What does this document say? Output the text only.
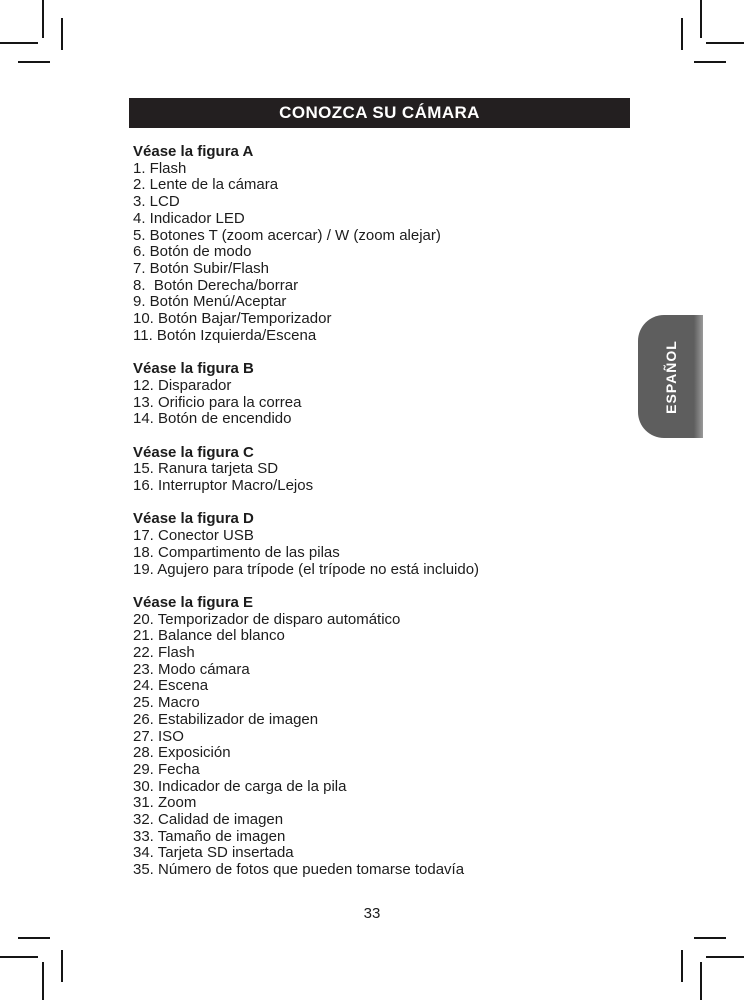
CONOZCA SU CÁMARA
Véase la figura A

1. Flash

2. Lente de la cámara

3. LCD

4. Indicador LED

5. Botones T (zoom acercar) / W (zoom alejar)

6. Botón de modo

7. Botón Subir/Flash

8.  Botón Derecha/borrar

9. Botón Menú/Aceptar

10. Botón Bajar/Temporizador

11. Botón Izquierda/Escena

Véase la figura B

12. Disparador

13. Orificio para la correa

14. Botón de encendido

Véase la figura C

15. Ranura tarjeta SD

16. Interruptor Macro/Lejos

Véase la figura D

17. Conector USB

18. Compartimento de las pilas

19. Agujero para trípode (el trípode no está incluido)

Véase la figura E

20. Temporizador de disparo automático

21. Balance del blanco

22. Flash

23. Modo cámara

24. Escena

25. Macro

26. Estabilizador de imagen

27. ISO

28. Exposición

29. Fecha

30. Indicador de carga de la pila

31. Zoom

32. Calidad de imagen

33. Tamaño de imagen

34. Tarjeta SD insertada

35. Número de fotos que pueden tomarse todavía

ESPAÑOL
33
